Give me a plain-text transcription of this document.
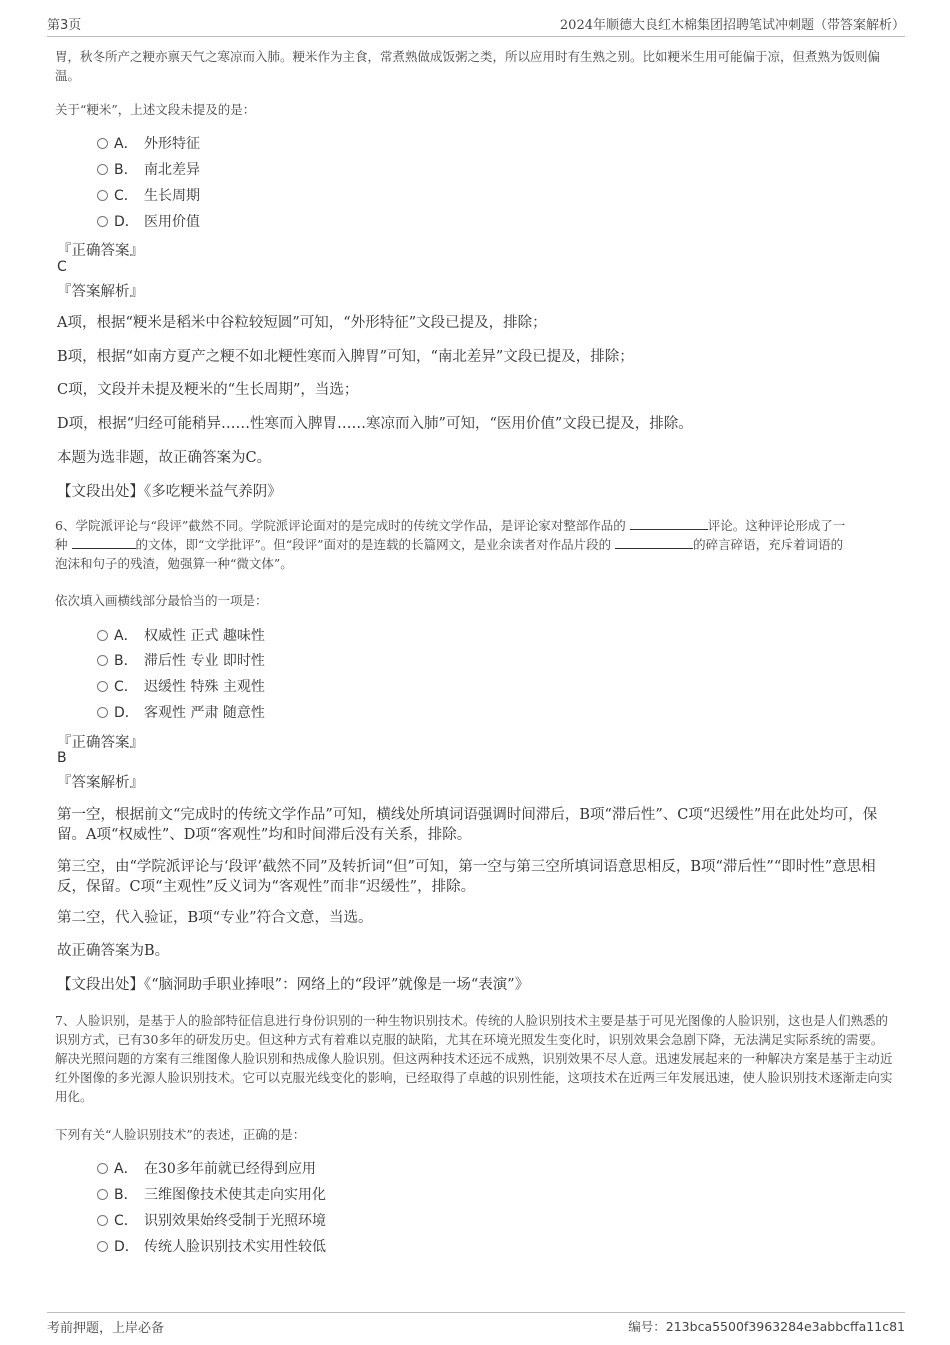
第3页	2024年顺德大良红木棉集团招聘笔试冲刺题（带答案解析）

胃，秋冬所产之粳亦禀天气之寒凉而入肺。粳米作为主食，常煮熟做成饭粥之类，所以应用时有生熟之别。比如粳米生用可能偏于凉，但煮熟为饭则偏温。

关于“粳米”，上述文段未提及的是：

A． 外形特征
B． 南北差异
C． 生长周期
D． 医用价值
『正确答案』
C
『答案解析』

A项，根据“粳米是稻米中谷粒较短圆”可知，“外形特征”文段已提及，排除；

B项，根据“如南方夏产之粳不如北粳性寒而入脾胃”可知，“南北差异”文段已提及，排除；

C项，文段并未提及粳米的“生长周期”，当选；

D项，根据“归经可能稍异……性寒而入脾胃……寒凉而入肺”可知，“医用价值”文段已提及，排除。

本题为选非题，故正确答案为C。

【文段出处】《多吃粳米益气养阴》

6、学院派评论与“段评”截然不同。学院派评论面对的是完成时的传统文学作品，是评论家对整部作品的	评论。这种评论形成了一
种	的文体，即“文学批评”。但“段评”面对的是连载的长篇网文，是业余读者对作品片段的	的碎言碎语，充斥着词语的
泡沫和句子的残渣，勉强算一种“微文体”。

依次填入画横线部分最恰当的一项是：

A． 权威性 正式 趣味性
B． 滞后性 专业 即时性
C． 迟缓性 特殊 主观性
D． 客观性 严肃 随意性
『正确答案』
B
『答案解析』

第一空，根据前文“完成时的传统文学作品”可知，横线处所填词语强调时间滞后，B项“滞后性”、C项“迟缓性”用在此处均可，保留。A项“权威性”、D项“客观性”均和时间滞后没有关系，排除。

第三空，由“学院派评论与‘段评’截然不同”及转折词“但”可知，第一空与第三空所填词语意思相反，B项“滞后性”“即时性”意思相反，保留。C项“主观性”反义词为“客观性”而非“迟缓性”，排除。

第二空，代入验证，B项“专业”符合文意，当选。

故正确答案为B。

【文段出处】《“脑洞助手职业捧哏”：网络上的“段评”就像是一场“表演”》

7、人脸识别，是基于人的脸部特征信息进行身份识别的一种生物识别技术。传统的人脸识别技术主要是基于可见光图像的人脸识别，这也是人们熟悉的识别方式，已有30多年的研发历史。但这种方式有着难以克服的缺陷，尤其在环境光照发生变化时，识别效果会急剧下降，无法满足实际系统的需要。解决光照问题的方案有三维图像人脸识别和热成像人脸识别。但这两种技术还远不成熟，识别效果不尽人意。迅速发展起来的一种解决方案是基于主动近红外图像的多光源人脸识别技术。它可以克服光线变化的影响，已经取得了卓越的识别性能，这项技术在近两三年发展迅速，使人脸识别技术逐渐走向实用化。

下列有关“人脸识别技术”的表述，正确的是：

A． 在30多年前就已经得到应用
B． 三维图像技术使其走向实用化
C． 识别效果始终受制于光照环境
D． 传统人脸识别技术实用性较低
考前押题，上岸必备	编号：213bca5500f3963284e3abbcffa11c81
